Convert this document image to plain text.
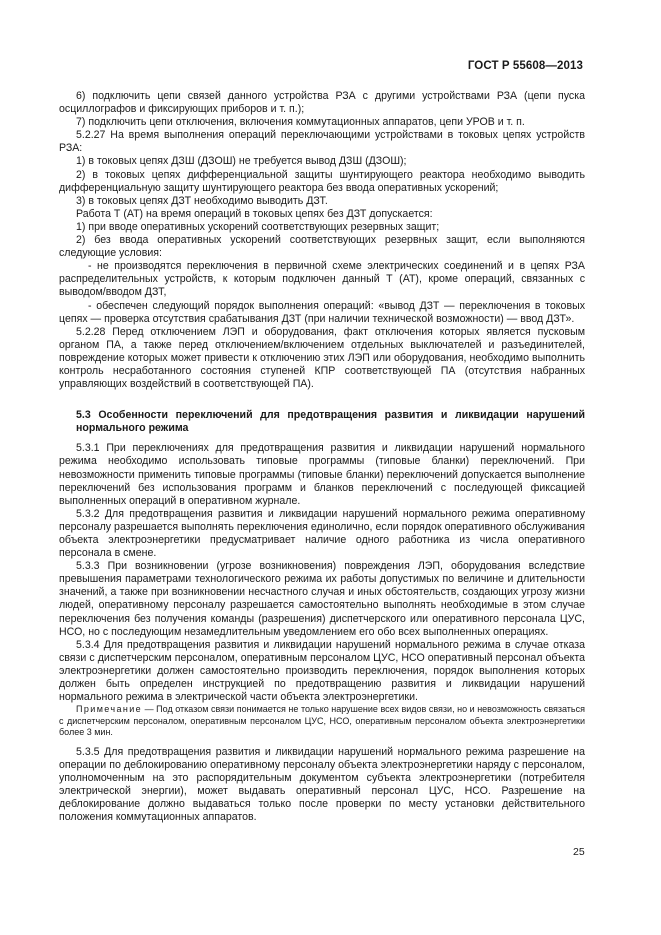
ГОСТ Р 55608—2013

6) подключить цепи связей данного устройства РЗА с другими устройствами РЗА (цепи пуска осциллографов и фиксирующих приборов и т. п.);

7) подключить цепи отключения, включения коммутационных аппаратов, цепи УРОВ и т. п.

5.2.27 На время выполнения операций переключающими устройствами в токовых цепях устройств РЗА:

1) в токовых цепях ДЗШ (ДЗОШ) не требуется вывод ДЗШ (ДЗОШ);

2) в токовых цепях дифференциальной защиты шунтирующего реактора необходимо выводить дифференциальную защиту шунтирующего реактора без ввода оперативных ускорений;

3) в токовых цепях ДЗТ необходимо выводить ДЗТ.

Работа Т (АТ) на время операций в токовых цепях без ДЗТ допускается:

1) при вводе оперативных ускорений соответствующих резервных защит;

2) без ввода оперативных ускорений соответствующих резервных защит, если выполняются следующие условия:

- не производятся переключения в первичной схеме электрических соединений и в цепях РЗА распределительных устройств, к которым подключен данный Т (АТ), кроме операций, связанных с выводом/вводом ДЗТ,

- обеспечен следующий порядок выполнения операций: «вывод ДЗТ — переключения в токовых цепях — проверка отсутствия срабатывания ДЗТ (при наличии технической возможности) — ввод ДЗТ».

5.2.28 Перед отключением ЛЭП и оборудования, факт отключения которых является пусковым органом ПА, а также перед отключением/включением отдельных выключателей и разъединителей, повреждение которых может привести к отключению этих ЛЭП или оборудования, необходимо выполнить контроль несработанного состояния ступеней КПР соответствующей ПА (отсутствия набранных управляющих воздействий в соответствующей ПА).

5.3 Особенности переключений для предотвращения развития и ликвидации нарушений нормального режима

5.3.1 При переключениях для предотвращения развития и ликвидации нарушений нормального режима необходимо использовать типовые программы (типовые бланки) переключений. При невозможности применить типовые программы (типовые бланки) переключений допускается выполнение переключений без использования программ и бланков переключений с последующей фиксацией выполненных операций в оперативном журнале.

5.3.2 Для предотвращения развития и ликвидации нарушений нормального режима оперативному персоналу разрешается выполнять переключения единолично, если порядок оперативного обслуживания объекта электроэнергетики предусматривает наличие одного работника из числа оперативного персонала в смене.

5.3.3 При возникновении (угрозе возникновения) повреждения ЛЭП, оборудования вследствие превышения параметрами технологического режима их работы допустимых по величине и длительности значений, а также при возникновении несчастного случая и иных обстоятельств, создающих угрозу жизни людей, оперативному персоналу разрешается самостоятельно выполнять необходимые в этом случае переключения без получения команды (разрешения) диспетчерского или оперативного персонала ЦУС, НСО, но с последующим незамедлительным уведомлением его обо всех выполненных операциях.

5.3.4 Для предотвращения развития и ликвидации нарушений нормального режима в случае отказа связи с диспетчерским персоналом, оперативным персоналом ЦУС, НСО оперативный персонал объекта электроэнергетики должен самостоятельно производить переключения, порядок выполнения которых должен быть определен инструкцией по предотвращению развития и ликвидации нарушений нормального режима в электрической части объекта электроэнергетики.

Примечание — Под отказом связи понимается не только нарушение всех видов связи, но и невозможность связаться с диспетчерским персоналом, оперативным персоналом ЦУС, НСО, оперативным персоналом объекта электроэнергетики более 3 мин.

5.3.5 Для предотвращения развития и ликвидации нарушений нормального режима разрешение на операции по деблокированию оперативному персоналу объекта электроэнергетики наряду с персоналом, уполномоченным на это распорядительным документом субъекта электроэнергетики (потребителя электрической энергии), может выдавать оперативный персонал ЦУС, НСО. Разрешение на деблокирование должно выдаваться только после проверки по месту установки действительного положения коммутационных аппаратов.

25
